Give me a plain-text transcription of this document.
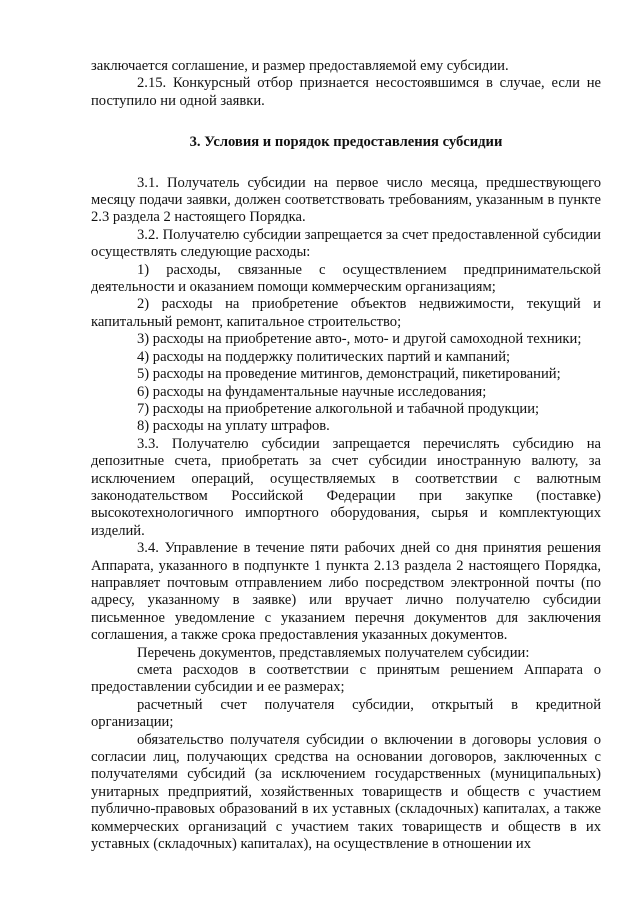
заключается соглашение, и размер предоставляемой ему субсидии.

2.15. Конкурсный отбор признается несостоявшимся в случае, если не поступило ни одной заявки.

3. Условия и порядок предоставления субсидии

3.1. Получатель субсидии на первое число месяца, предшествующего месяцу подачи заявки, должен соответствовать требованиям, указанным в пункте 2.3 раздела 2 настоящего Порядка.

3.2. Получателю субсидии запрещается за счет предоставленной субсидии осуществлять следующие расходы:

1) расходы, связанные с осуществлением предпринимательской деятельности и оказанием помощи коммерческим организациям;

2) расходы на приобретение объектов недвижимости, текущий и капитальный ремонт, капитальное строительство;

3) расходы на приобретение авто-, мото- и другой самоходной техники;

4) расходы на поддержку политических партий и кампаний;

5) расходы на проведение митингов, демонстраций, пикетирований;

6) расходы на фундаментальные научные исследования;

7) расходы на приобретение алкогольной и табачной продукции;

8) расходы на уплату штрафов.

3.3. Получателю субсидии запрещается перечислять субсидию на депозитные счета, приобретать за счет субсидии иностранную валюту, за исключением операций, осуществляемых в соответствии с валютным законодательством Российской Федерации при закупке (поставке) высокотехнологичного импортного оборудования, сырья и комплектующих изделий.

3.4. Управление в течение пяти рабочих дней со дня принятия решения Аппарата, указанного в подпункте 1 пункта 2.13 раздела 2 настоящего Порядка, направляет почтовым отправлением либо посредством электронной почты (по адресу, указанному в заявке) или вручает лично получателю субсидии письменное уведомление с указанием перечня документов для заключения соглашения, а также срока предоставления указанных документов.

Перечень документов, представляемых получателем субсидии:

смета расходов в соответствии с принятым решением Аппарата о предоставлении субсидии и ее размерах;

расчетный счет получателя субсидии, открытый в кредитной организации;

обязательство получателя субсидии о включении в договоры условия о согласии лиц, получающих средства на основании договоров, заключенных с получателями субсидий (за исключением государственных (муниципальных) унитарных предприятий, хозяйственных товариществ и обществ с участием публично-правовых образований в их уставных (складочных) капиталах, а также коммерческих организаций с участием таких товариществ и обществ в их уставных (складочных) капиталах), на осуществление в отношении их
